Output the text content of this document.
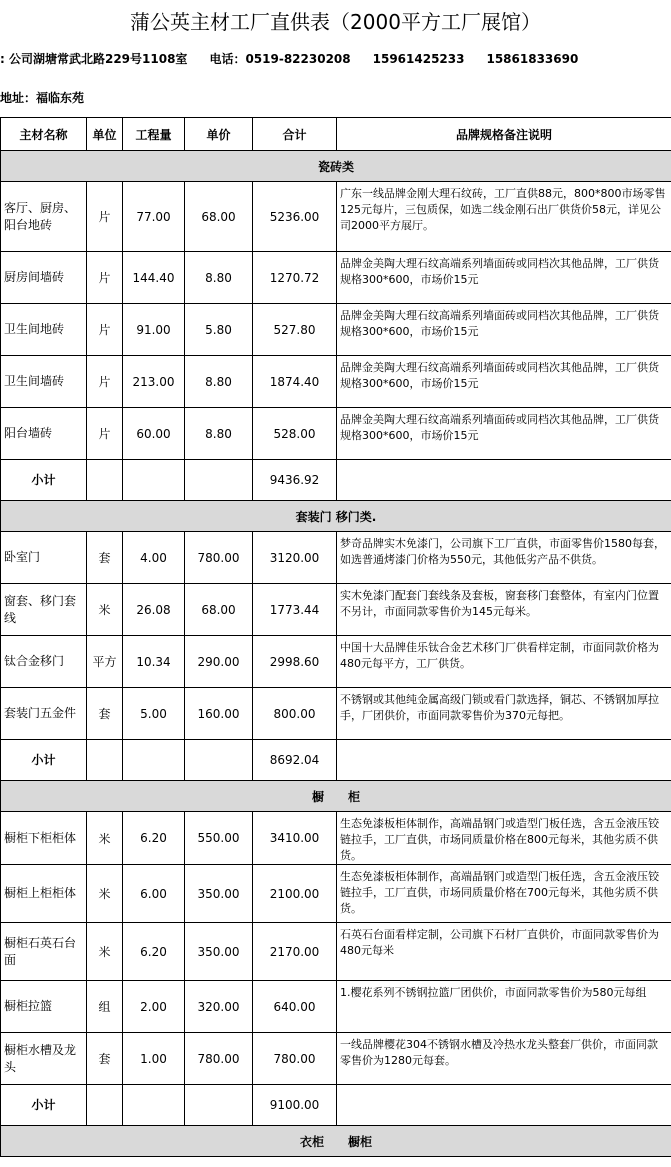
蒲公英主材工厂直供表（2000平方工厂展馆）
: 公司湖塘常武北路229号1108室 电话：0519-82230208 15961425233 15861833690
地址：福临东苑
主材名称	单位	工程量	单价	合计	品牌规格备注说明
瓷砖类					
客厅、厨房、阳台地砖	片	77.00	68.00	5236.00	广东一线品牌金刚大理石纹砖，工厂直供88元，800*800市场零售125元每片，三包质保，如选二线金刚石出厂供货价58元，详见公司2000平方展厅。
厨房间墙砖	片	144.40	8.80	1270.72	品牌金美陶大理石纹高端系列墙面砖或同档次其他品牌，工厂供货规格300*600，市场价15元
卫生间地砖	片	91.00	5.80	527.80	品牌金美陶大理石纹高端系列墙面砖或同档次其他品牌，工厂供货规格300*600，市场价15元
卫生间墙砖	片	213.00	8.80	1874.40	品牌金美陶大理石纹高端系列墙面砖或同档次其他品牌，工厂供货规格300*600，市场价15元
阳台墙砖	片	60.00	8.80	528.00	品牌金美陶大理石纹高端系列墙面砖或同档次其他品牌，工厂供货规格300*600，市场价15元
小计				9436.92	
套装门 移门类.					
卧室门	套	4.00	780.00	3120.00	梦奇品牌实木免漆门，公司旗下工厂直供，市面零售价1580每套，如选普通烤漆门价格为550元，其他低劣产品不供货。
窗套、移门套线	米	26.08	68.00	1773.44	实木免漆门配套门套线条及套板，窗套移门套整体，有室内门位置不另计，市面同款零售价为145元每米。
钛合金移门	平方	10.34	290.00	2998.60	中国十大品牌佳乐钛合金艺术移门厂供看样定制，市面同款价格为480元每平方，工厂供货。
套装门五金件	套	5.00	160.00	800.00	不锈钢或其他纯金属高级门锁或看门款选择，铜芯、不锈钢加厚拉手，厂团供价，市面同款零售价为370元每把。
小计				8692.04	
橱　　柜					
橱柜下柜柜体	米	6.20	550.00	3410.00	生态免漆板柜体制作，高端晶钢门或造型门板任选，含五金液压铰链拉手，工厂直供，市场同质量价格在800元每米，其他劣质不供货。
橱柜上柜柜体	米	6.00	350.00	2100.00	生态免漆板柜体制作，高端晶钢门或造型门板任选，含五金液压铰链拉手，工厂直供，市场同质量价格在700元每米，其他劣质不供货。
橱柜石英石台面	米	6.20	350.00	2170.00	石英石台面看样定制，公司旗下石材厂直供价，市面同款零售价为480元每米
橱柜拉篮	组	2.00	320.00	640.00	1.樱花系列不锈钢拉篮厂团供价，市面同款零售价为580元每组
橱柜水槽及龙头	套	1.00	780.00	780.00	一线品牌樱花304不锈钢水槽及冷热水龙头整套厂供价，市面同款零售价为1280元每套。
小计				9100.00	
衣柜　　橱柜					
